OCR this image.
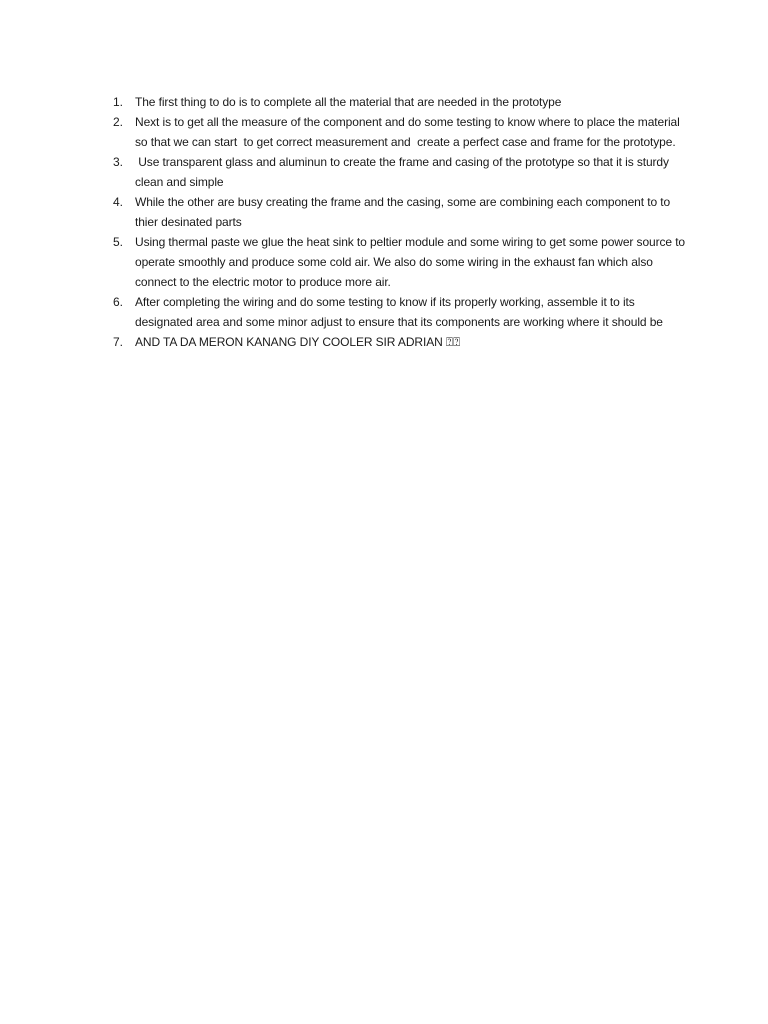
1.	The first thing to do is to complete all the material that are needed in the prototype
2.	Next is to get all the measure of the component and do some testing to know where to place the material so that we can start  to get correct measurement and  create a perfect case and frame for the prototype.
3.	Use transparent glass and aluminun to create the frame and casing of the prototype so that it is sturdy clean and simple
4.	While the other are busy creating the frame and the casing, some are combining each component to to thier desinated parts
5.	Using thermal paste we glue the heat sink to peltier module and some wiring to get some power source to operate smoothly and produce some cold air. We also do some wiring in the exhaust fan which also connect to the electric motor to produce more air.
6.	After completing the wiring and do some testing to know if its properly working, assemble it to its designated area and some minor adjust to ensure that its components are working where it should be
7.	AND TA DA MERON KANANG DIY COOLER SIR ADRIAN ⍰⍰
